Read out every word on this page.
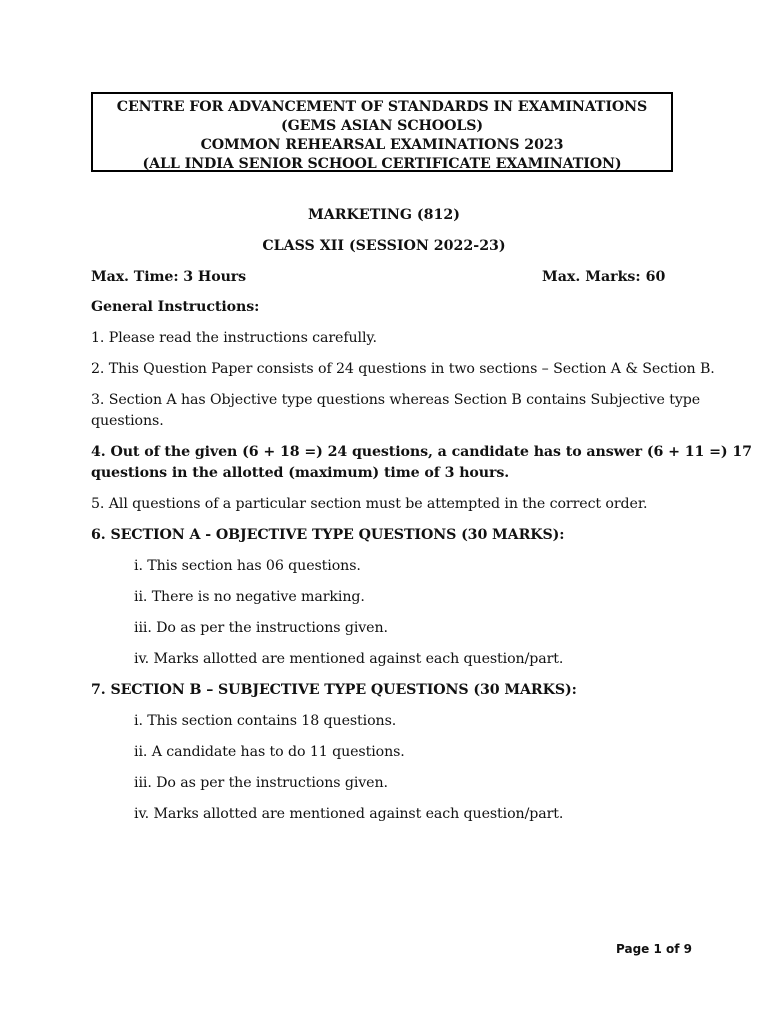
CENTRE FOR ADVANCEMENT OF STANDARDS IN EXAMINATIONS
(GEMS ASIAN SCHOOLS)
COMMON REHEARSAL EXAMINATIONS 2023
(ALL INDIA SENIOR SCHOOL CERTIFICATE EXAMINATION)
MARKETING (812)
CLASS XII (SESSION 2022-23)
Max. Time: 3 Hours	Max. Marks: 60
General Instructions:
1. Please read the instructions carefully.
2. This Question Paper consists of 24 questions in two sections – Section A & Section B.
3. Section A has Objective type questions whereas Section B contains Subjective type
questions.
4. Out of the given (6 + 18 =) 24 questions, a candidate has to answer (6 + 11 =) 17
questions in the allotted (maximum) time of 3 hours.
5. All questions of a particular section must be attempted in the correct order.
6. SECTION A - OBJECTIVE TYPE QUESTIONS (30 MARKS):
i. This section has 06 questions.
ii. There is no negative marking.
iii. Do as per the instructions given.
iv. Marks allotted are mentioned against each question/part.
7. SECTION B – SUBJECTIVE TYPE QUESTIONS (30 MARKS):
i. This section contains 18 questions.
ii. A candidate has to do 11 questions.
iii. Do as per the instructions given.
iv. Marks allotted are mentioned against each question/part.
Page 1 of 9
